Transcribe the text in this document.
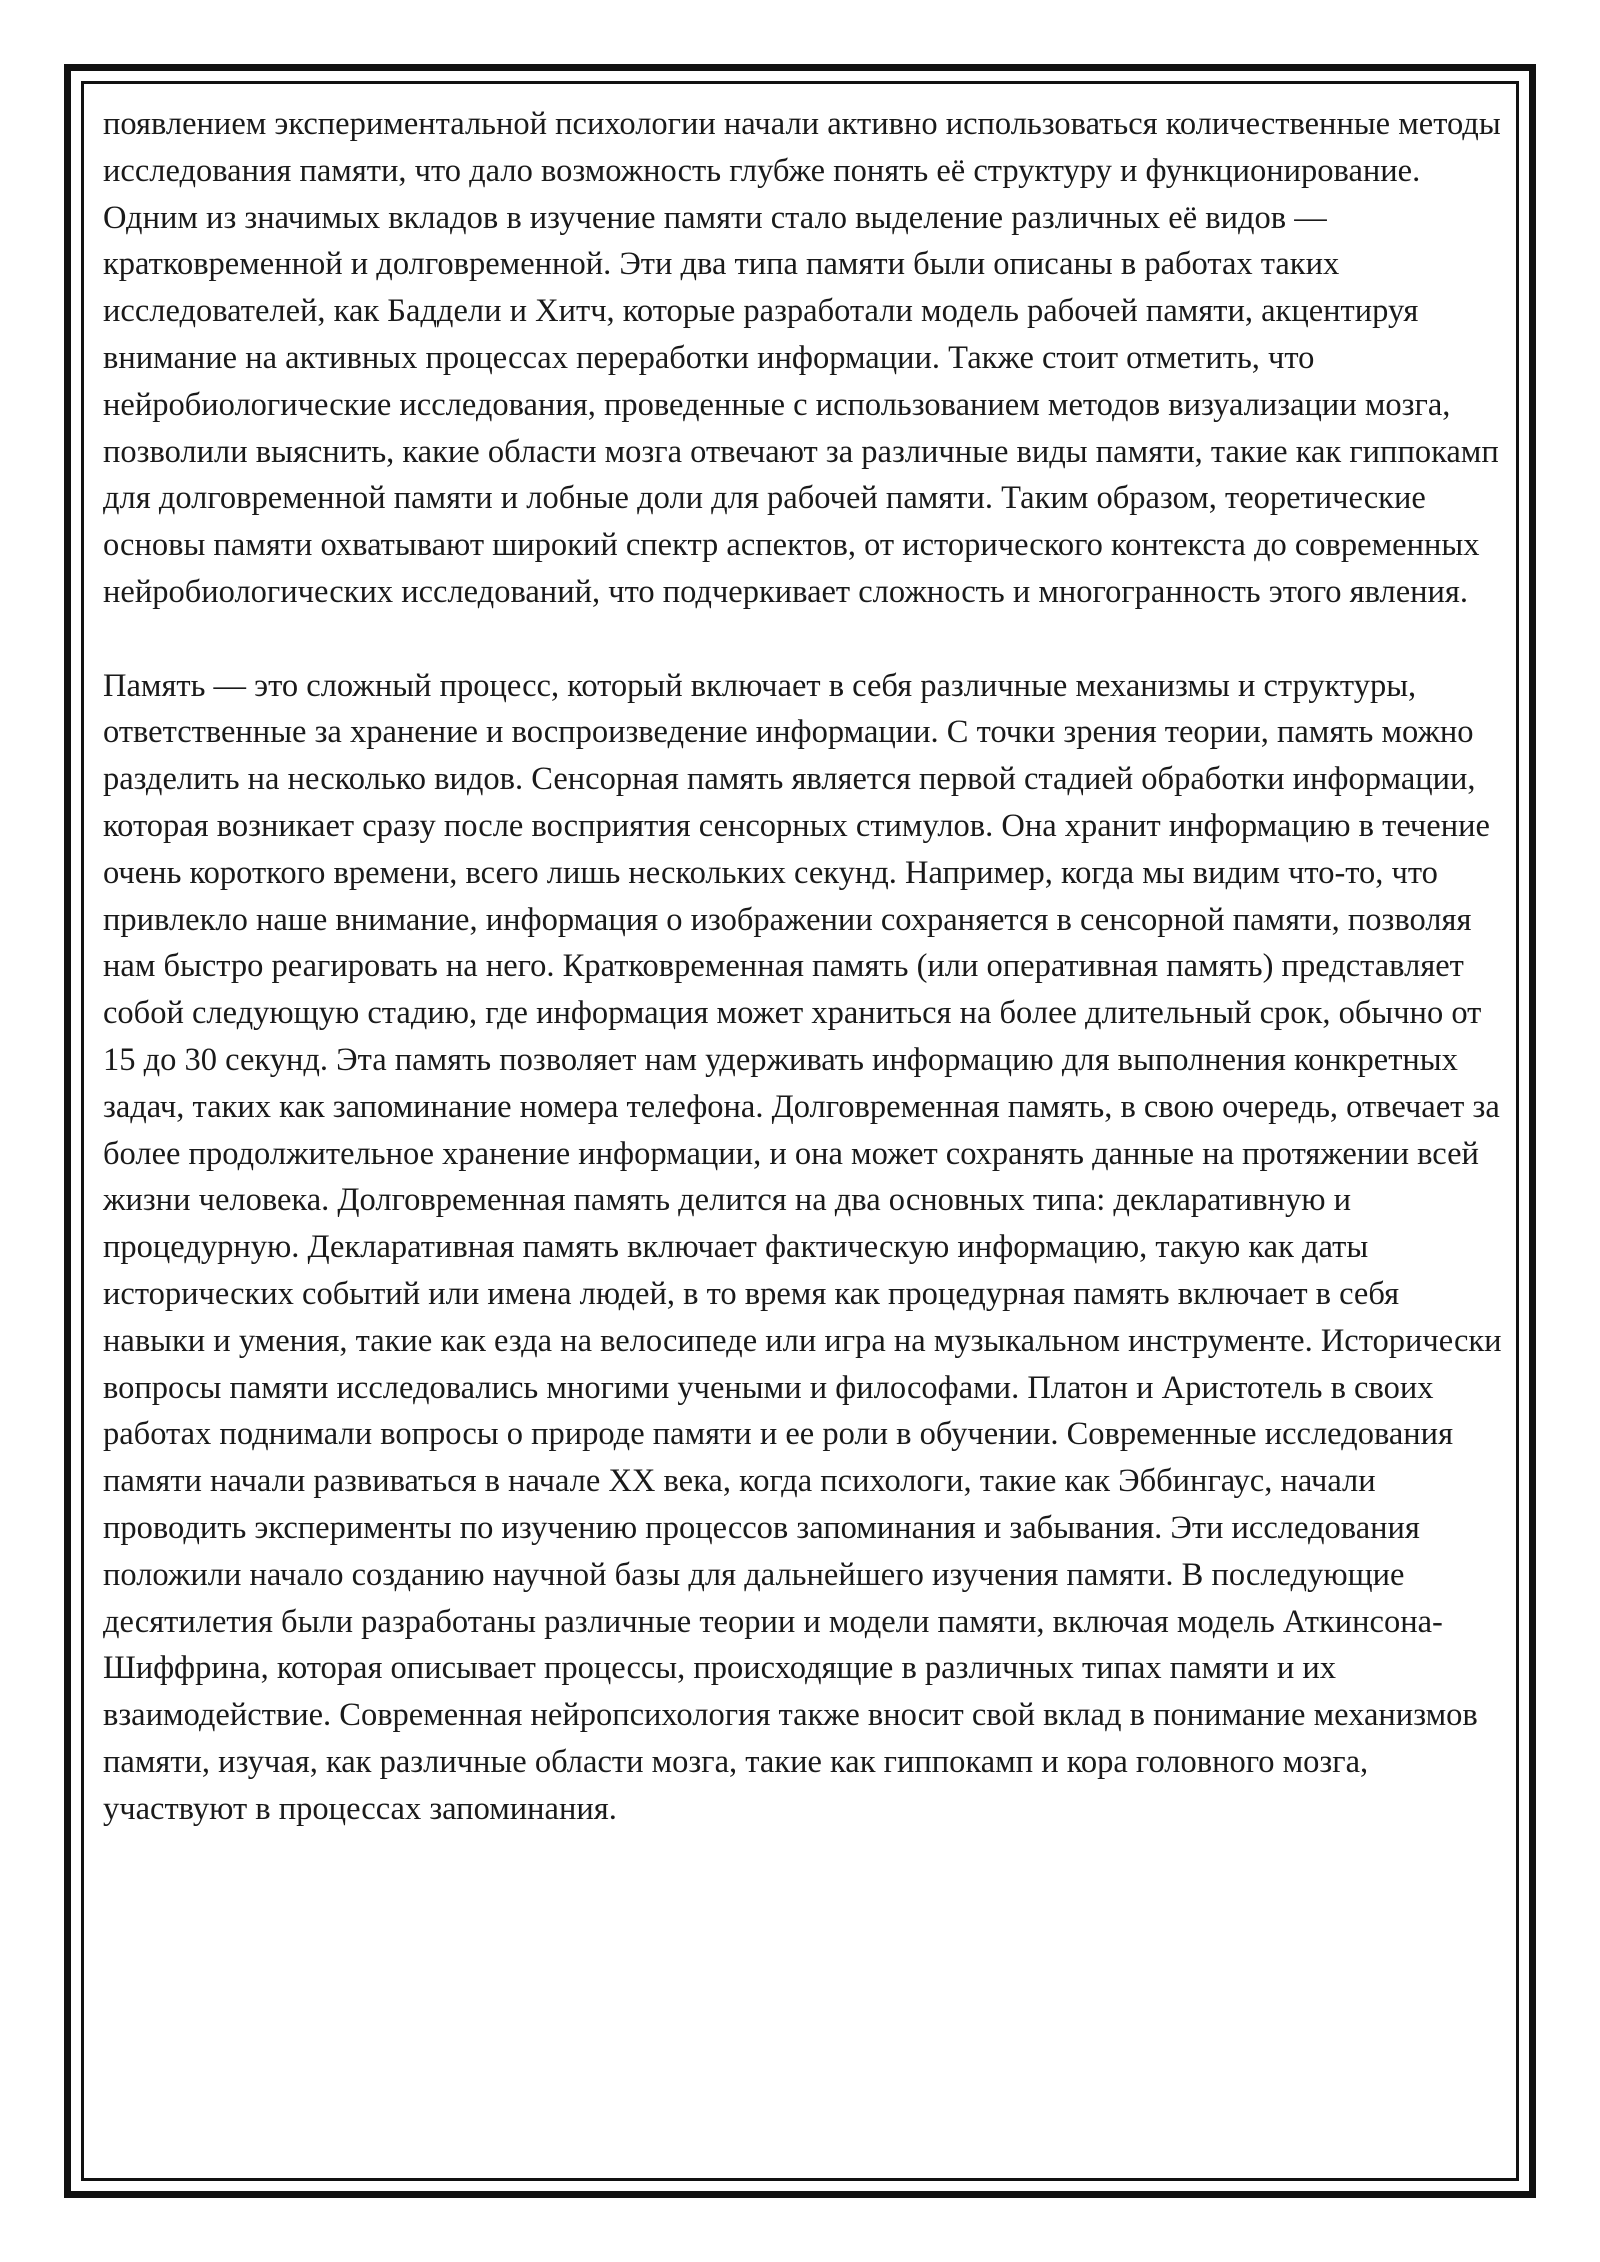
появлением экспериментальной психологии начали активно использоваться количественные методы исследования памяти, что дало возможность глубже понять её структуру и функционирование. Одним из значимых вкладов в изучение памяти стало выделение различных её видов — кратковременной и долговременной. Эти два типа памяти были описаны в работах таких исследователей, как Баддели и Хитч, которые разработали модель рабочей памяти, акцентируя внимание на активных процессах переработки информации. Также стоит отметить, что нейробиологические исследования, проведенные с использованием методов визуализации мозга, позволили выяснить, какие области мозга отвечают за различные виды памяти, такие как гиппокамп для долговременной памяти и лобные доли для рабочей памяти. Таким образом, теоретические основы памяти охватывают широкий спектр аспектов, от исторического контекста до современных нейробиологических исследований, что подчеркивает сложность и многогранность этого явления.

Память — это сложный процесс, который включает в себя различные механизмы и структуры, ответственные за хранение и воспроизведение информации. С точки зрения теории, память можно разделить на несколько видов. Сенсорная память является первой стадией обработки информации, которая возникает сразу после восприятия сенсорных стимулов. Она хранит информацию в течение очень короткого времени, всего лишь нескольких секунд. Например, когда мы видим что-то, что привлекло наше внимание, информация о изображении сохраняется в сенсорной памяти, позволяя нам быстро реагировать на него. Кратковременная память (или оперативная память) представляет собой следующую стадию, где информация может храниться на более длительный срок, обычно от 15 до 30 секунд. Эта память позволяет нам удерживать информацию для выполнения конкретных задач, таких как запоминание номера телефона. Долговременная память, в свою очередь, отвечает за более продолжительное хранение информации, и она может сохранять данные на протяжении всей жизни человека. Долговременная память делится на два основных типа: декларативную и процедурную. Декларативная память включает фактическую информацию, такую как даты исторических событий или имена людей, в то время как процедурная память включает в себя навыки и умения, такие как езда на велосипеде или игра на музыкальном инструменте. Исторически вопросы памяти исследовались многими учеными и философами. Платон и Аристотель в своих работах поднимали вопросы о природе памяти и ее роли в обучении. Современные исследования памяти начали развиваться в начале XX века, когда психологи, такие как Эббингаус, начали проводить эксперименты по изучению процессов запоминания и забывания. Эти исследования положили начало созданию научной базы для дальнейшего изучения памяти. В последующие десятилетия были разработаны различные теории и модели памяти, включая модель Аткинсона-Шиффрина, которая описывает процессы, происходящие в различных типах памяти и их взаимодействие. Современная нейропсихология также вносит свой вклад в понимание механизмов памяти, изучая, как различные области мозга, такие как гиппокамп и кора головного мозга, участвуют в процессах запоминания.
